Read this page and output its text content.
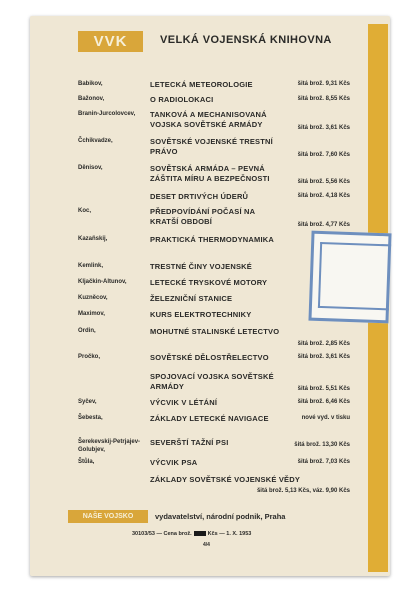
VVK	VELKÁ VOJENSKÁ KNIHOVNA
Babikov,	LETECKÁ METEOROLOGIE	šitá brož. 9,31 Kčs
Bažonov,	O RADIOLOKACI	šitá brož. 8,55 Kčs
Branin-Jurcolovcev,	TANKOVÁ A MECHANISOVANÁ VOJSKA SOVĚTSKÉ ARMÁDY	šitá brož. 3,61 Kčs
Čchikvadze,	SOVĚTSKÉ VOJENSKÉ TRESTNÍ PRÁVO	šitá brož. 7,60 Kčs
Děnisov,	SOVĚTSKÁ ARMÁDA – PEVNÁ ZÁŠTITA MÍRU A BEZPEČNOSTI	šitá brož. 5,56 Kčs
DESET DRTIVÝCH ÚDERŮ	šitá brož. 4,18 Kčs
Koc,	PŘEDPOVÍDÁNÍ POČASÍ NA KRATŠÍ OBDOBÍ	šitá brož. 4,77 Kčs
Kazaňskij,	PRAKTICKÁ THERMODYNAMIKA
Kemlink,	TRESTNÉ ČINY VOJENSKÉ
Kljačkin-Altunov,	LETECKÉ TRYSKOVÉ MOTORY
Kuzněcov,	ŽELEZNIČNÍ STANICE
Maximov,	KURS ELEKTROTECHNIKY
Ordin,	MOHUTNÉ STALINSKÉ LETECTVO
šitá brož. 2,85 Kčs
Pročko,	SOVĚTSKÉ DĚLOSTŘELECTVO	šitá brož. 3,61 Kčs
SPOJOVACÍ VOJSKA SOVĚTSKÉ ARMÁDY	šitá brož. 5,51 Kčs
Syčev,	VÝCVIK V LÉTÁNÍ	šitá brož. 6,46 Kčs
Šebesta,	ZÁKLADY LETECKÉ NAVIGACE	nové vyd. v tisku
Šerekevskij-Petrjajev-Golubjev,
SEVERŠTÍ TAŽNÍ PSI	šitá brož. 13,30 Kčs
Štůla,	VÝCVIK PSA	šitá brož. 7,03 Kčs
ZÁKLADY SOVĚTSKÉ VOJENSKÉ VĚDY
šitá brož. 5,13 Kčs, váz. 9,90 Kčs
NAŠE VOJSKO	vydavatelství, národní podnik, Praha
30103/53 — Cena brož.	Kčs — 1. X. 1953
4/4
